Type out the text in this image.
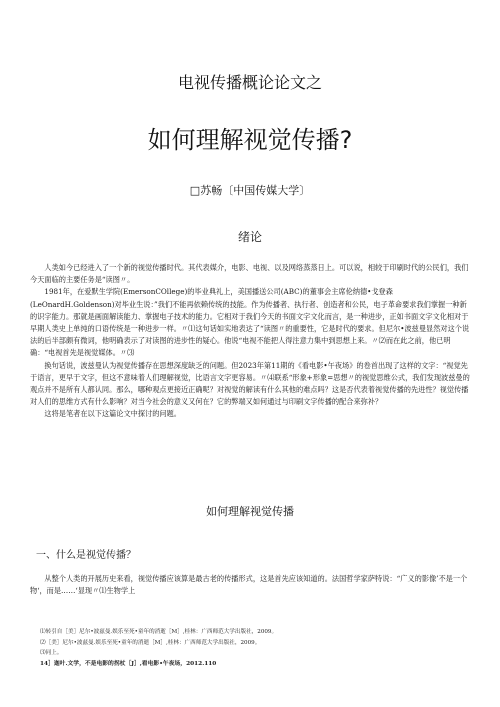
电视传播概论论文之
如何理解视觉传播?
□苏畅〔中国传媒大学〕
绪论

人类如今已经进入了一个新的视觉传播时代。其代表媒介，电影、电视、以及网络蒸蒸日上。可以说，相较于印刷时代的公民们，我们今天面临的主要任务是“读图〃。

1981年，在爱默生学院(EmersonCOllege)的毕业典礼上，美国播送公司(ABC)的董事会主席伦纳德•戈登森(LeOnardH.Goldenson)对毕业生说：”我们不能再依赖传统的技能。作为传播者、执行者、创造者和公民，电子革命要求我们掌握一种新的识字能力。那就是画面解读能力、掌握电子技术的能力。它相对于我们今天的书面文字文化而言，是一种进步，正如书面文字文化相对于早期人类史上单纯的口语传统是一种进步一样。〃⑴这句话如实地表达了“读图〃的重要性，它是时代的要求。但尼尔•波兹曼显然对这个说法的后半部颇有微词，他明确表示了对读图的进步性的疑心。他说“电视不能把人得注意力集中到思想上来。〃⑵而在此之前，他已明确：“电视首先是视觉媒体。〃⑶

换句话说，波兹曼认为视觉传播存在思想深度缺乏的问题。但2023年第11期的《看电影•午夜场》的卷首出现了这样的文字：“视觉先于语言，更早于文字，但这不意味着人们理解视觉，比语言文字更容易。〃⑷联系“形象+形象=思想〃的视觉思维公式，我们发现波兹曼的观点并不是所有人都认同。那么，哪种观点更接近正确呢？对视觉的解读有什么其他的难点吗？这是否代表着视觉传播的先进性？视觉传播对人们的思维方式有什么影响？对当今社会的意义又何在？它的弊端又如何通过与印刷文字传播的配合来弥补？

这将是笔者在以下这篇论文中探讨的问题。

如何理解视觉传播
一、什么是视觉传播？

从整个人类的开展历史来看，视觉传播应该算是最古老的传播形式，这是首先应该知道的。法国哲学家萨特说：“广义的影像’不是一个物‘，而是……‘显现〃⑴生物学上

⑴转引自［美］尼尔•波兹曼.娱乐至死•童年的消逝［M］,桂林：广西师范大学出版社，2009。
⑵［美］尼尔•波兹曼.娱乐至死•童年的消逝［M］,桂林：广西师范大学出版社，2009。
⑶同上。
14］迦叶.文学，不是电影的拐杖［J］,看电影•午夜场，2012.110
